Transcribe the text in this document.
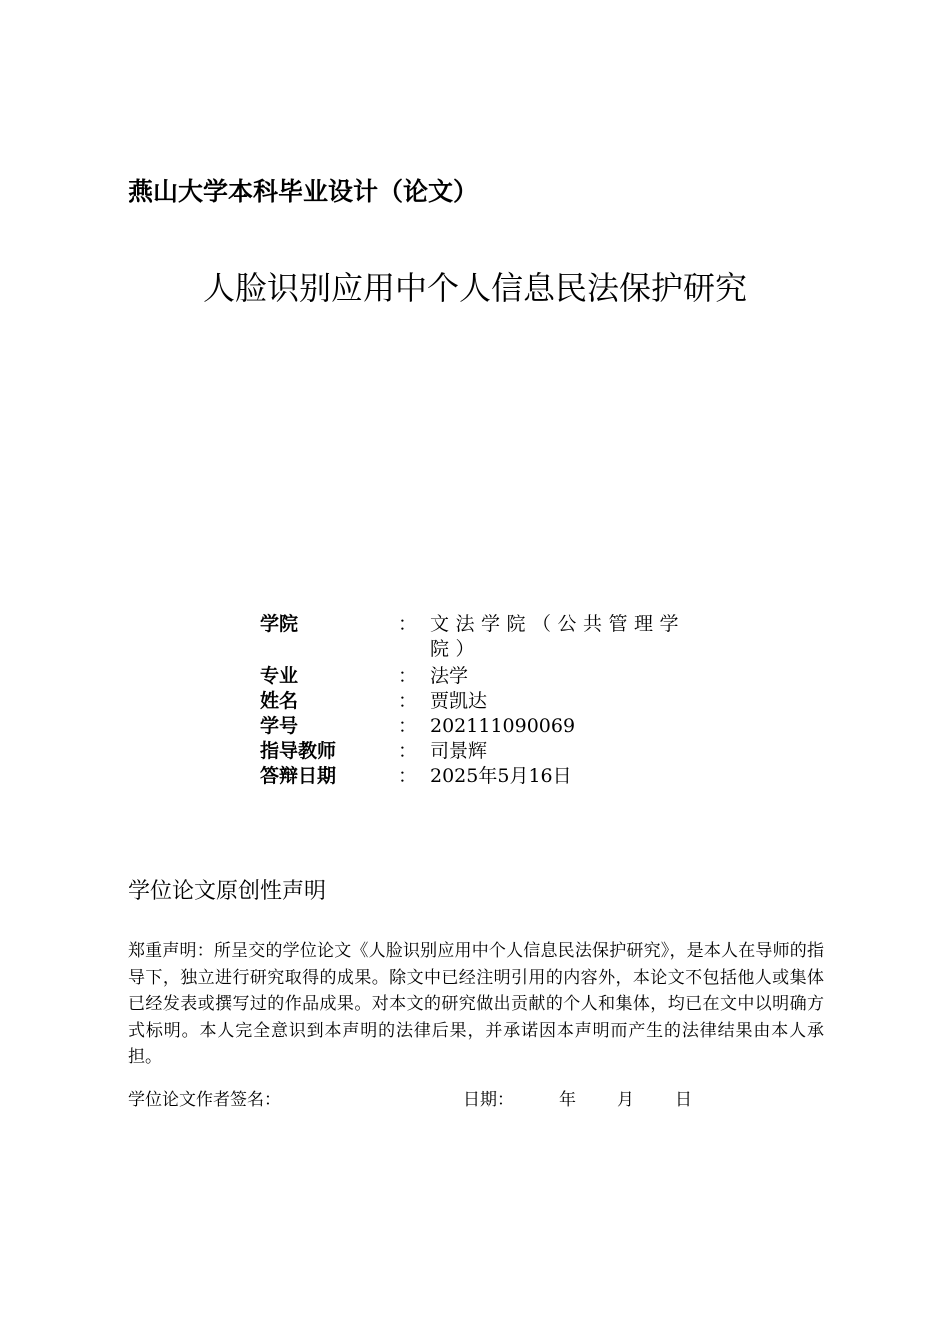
燕山大学本科毕业设计（论文）
人脸识别应用中个人信息民法保护研究
学院	： 文法学院（公共管理学院）
专业	： 法学
姓名	： 贾凯达
学号	： 202111090069
指导教师	： 司景辉
答辩日期	： 2025年5月16日
学位论文原创性声明
郑重声明：所呈交的学位论文《人脸识别应用中个人信息民法保护研究》，是本人在导师的指导下，独立进行研究取得的成果。除文中已经注明引用的内容外，本论文不包括他人或集体已经发表或撰写过的作品成果。对本文的研究做出贡献的个人和集体，均已在文中以明确方式标明。本人完全意识到本声明的法律后果，并承诺因本声明而产生的法律结果由本人承担。
学位论文作者签名：	日期：	年 月 日
